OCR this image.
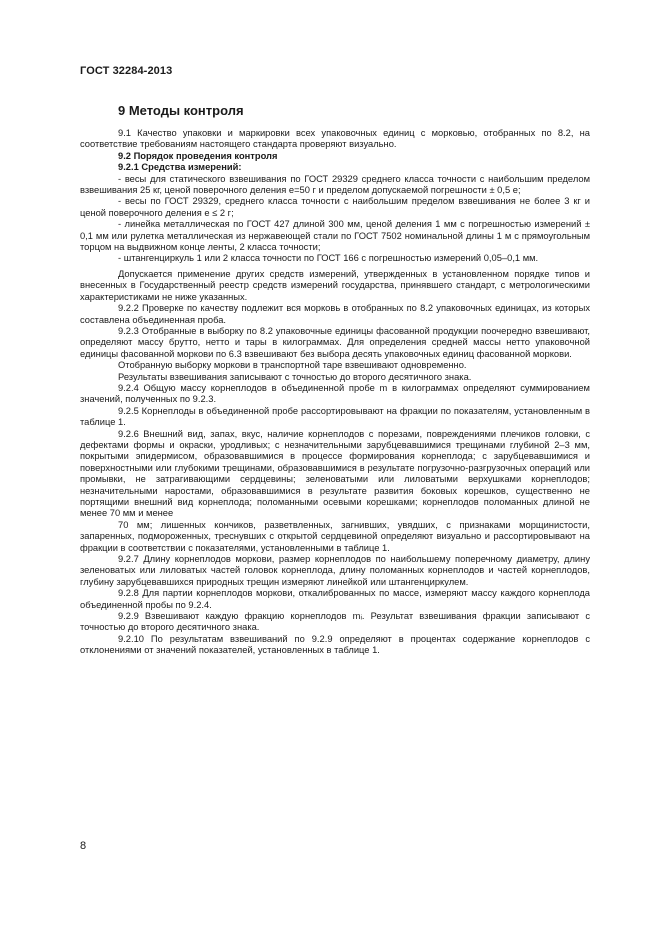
ГОСТ 32284-2013
9 Методы контроля

9.1 Качество упаковки и маркировки всех упаковочных единиц с морковью, отобранных по 8.2, на соответствие требованиям настоящего стандарта проверяют визуально.

9.2 Порядок проведения контроля

9.2.1 Средства измерений:

- весы для статического взвешивания по ГОСТ 29329 среднего класса точности с наибольшим пределом взвешивания 25 кг, ценой поверочного деления e=50 г и пределом допускаемой погрешности ± 0,5 е;

- весы по ГОСТ 29329, среднего класса точности с наибольшим пределом взвешивания не более 3 кг и ценой поверочного деления е ≤ 2 г;

- линейка металлическая по ГОСТ 427 длиной 300 мм, ценой деления 1 мм с погрешностью измерений ± 0,1 мм или рулетка металлическая из нержавеющей стали по ГОСТ 7502 номинальной длины 1 м с прямоугольным торцом на выдвижном конце ленты, 2 класса точности;

- штангенциркуль 1 или 2 класса точности по ГОСТ 166 с погрешностью измерений 0,05–0,1 мм.

Допускается применение других средств измерений, утвержденных в установленном порядке типов и внесенных в Государственный реестр средств измерений государства, принявшего стандарт, с метрологическими характеристиками не ниже указанных.

9.2.2 Проверке по качеству подлежит вся морковь в отобранных по 8.2 упаковочных единицах, из которых составлена объединенная проба.

9.2.3 Отобранные в выборку по 8.2 упаковочные единицы фасованной продукции поочередно взвешивают, определяют массу брутто, нетто и тары в килограммах. Для определения средней массы нетто упаковочной единицы фасованной моркови по 6.3 взвешивают без выбора десять упаковочных единиц фасованной моркови.

Отобранную выборку моркови в транспортной таре взвешивают одновременно.

Результаты взвешивания записывают с точностью до второго десятичного знака.

9.2.4 Общую массу корнеплодов в объединенной пробе m в килограммах определяют суммированием значений, полученных по 9.2.3.

9.2.5 Корнеплоды в объединенной пробе рассортировывают на фракции по показателям, установленным в таблице 1.

9.2.6 Внешний вид, запах, вкус, наличие корнеплодов с порезами, повреждениями плечиков головки, с дефектами формы и окраски, уродливых; с незначительными зарубцевавшимися трещинами глубиной 2–3 мм, покрытыми эпидермисом, образовавшимися в процессе формирования корнеплода; с зарубцевавшимися и поверхностными или глубокими трещинами, образовавшимися в результате погрузочно-разгрузочных операций или промывки, не затрагивающими сердцевины; зеленоватыми или лиловатыми верхушками корнеплодов; незначительными наростами, образовавшимися в результате развития боковых корешков, существенно не портящими внешний вид корнеплода; поломанными осевыми корешками; корнеплодов поломанных длиной не менее 70 мм и менее

70 мм; лишенных кончиков, разветвленных, загнивших, увядших, с признаками морщинистости, запаренных, подмороженных, треснувших с открытой сердцевиной определяют визуально и рассортировывают на фракции в соответствии с показателями, установленными в таблице 1.

9.2.7 Длину корнеплодов моркови, размер корнеплодов по наибольшему поперечному диаметру, длину зеленоватых или лиловатых частей головок корнеплода, длину поломанных корнеплодов и частей корнеплодов, глубину зарубцевавшихся природных трещин измеряют линейкой или штангенциркулем.

9.2.8 Для партии корнеплодов моркови, откалиброванных по массе, измеряют массу каждого корнеплода объединенной пробы по 9.2.4.

9.2.9 Взвешивают каждую фракцию корнеплодов mᵢ. Результат взвешивания фракции записывают с точностью до второго десятичного знака.

9.2.10 По результатам взвешиваний по 9.2.9 определяют в процентах содержание корнеплодов с отклонениями от значений показателей, установленных в таблице 1.

8
